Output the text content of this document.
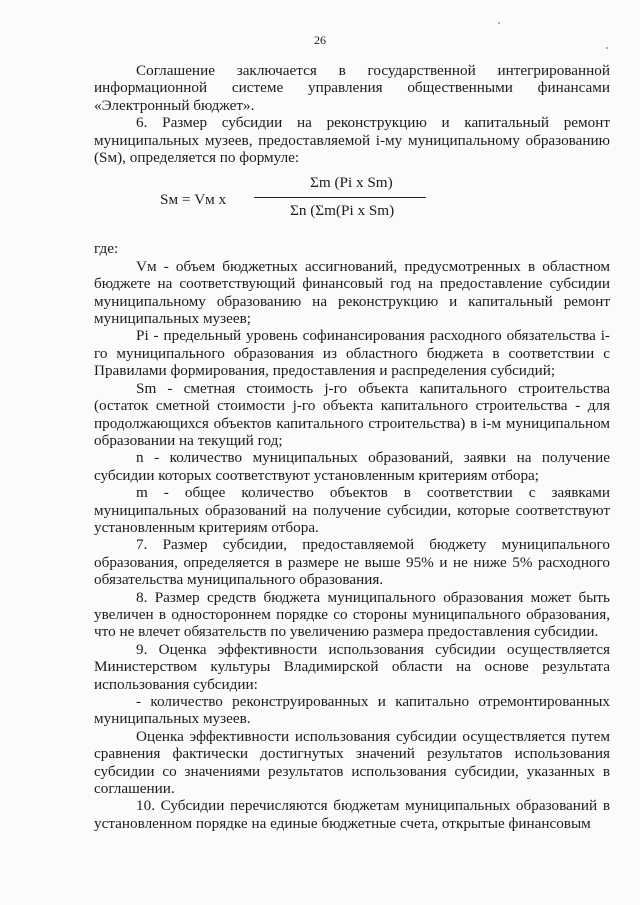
26

Соглашение заключается в государственной интегрированной информационной системе управления общественными финансами «Электронный бюджет».

6. Размер субсидии на реконструкцию и капитальный ремонт муниципальных музеев, предоставляемой i-му муниципальному образованию (Sм), определяется по формуле:

Sм = Vм x
Σm (Pi x Sm)
Σn (Σm(Pi x Sm)

где:

Vм - объем бюджетных ассигнований, предусмотренных в областном бюджете на соответствующий финансовый год на предоставление субсидии муниципальному образованию на реконструкцию и капитальный ремонт муниципальных музеев;

Pi - предельный уровень софинансирования расходного обязательства i-го муниципального образования из областного бюджета в соответствии с Правилами формирования, предоставления и распределения субсидий;

Sm - сметная стоимость j-го объекта капитального строительства (остаток сметной стоимости j-го объекта капитального строительства - для продолжающихся объектов капитального строительства) в i-м муниципальном образовании на текущий год;

n - количество муниципальных образований, заявки на получение субсидии которых соответствуют установленным критериям отбора;

m - общее количество объектов в соответствии с заявками муниципальных образований на получение субсидии, которые соответствуют установленным критериям отбора.

7. Размер субсидии, предоставляемой бюджету муниципального образования, определяется в размере не выше 95% и не ниже 5% расходного обязательства муниципального образования.

8. Размер средств бюджета муниципального образования может быть увеличен в одностороннем порядке со стороны муниципального образования, что не влечет обязательств по увеличению размера предоставления субсидии.

9. Оценка эффективности использования субсидии осуществляется Министерством культуры Владимирской области на основе результата использования субсидии:

- количество реконструированных и капитально отремонтированных муниципальных музеев.

Оценка эффективности использования субсидии осуществляется путем сравнения фактически достигнутых значений результатов использования субсидии со значениями результатов использования субсидии, указанных в соглашении.

10. Субсидии перечисляются бюджетам муниципальных образований в установленном порядке на единые бюджетные счета, открытые финансовым
